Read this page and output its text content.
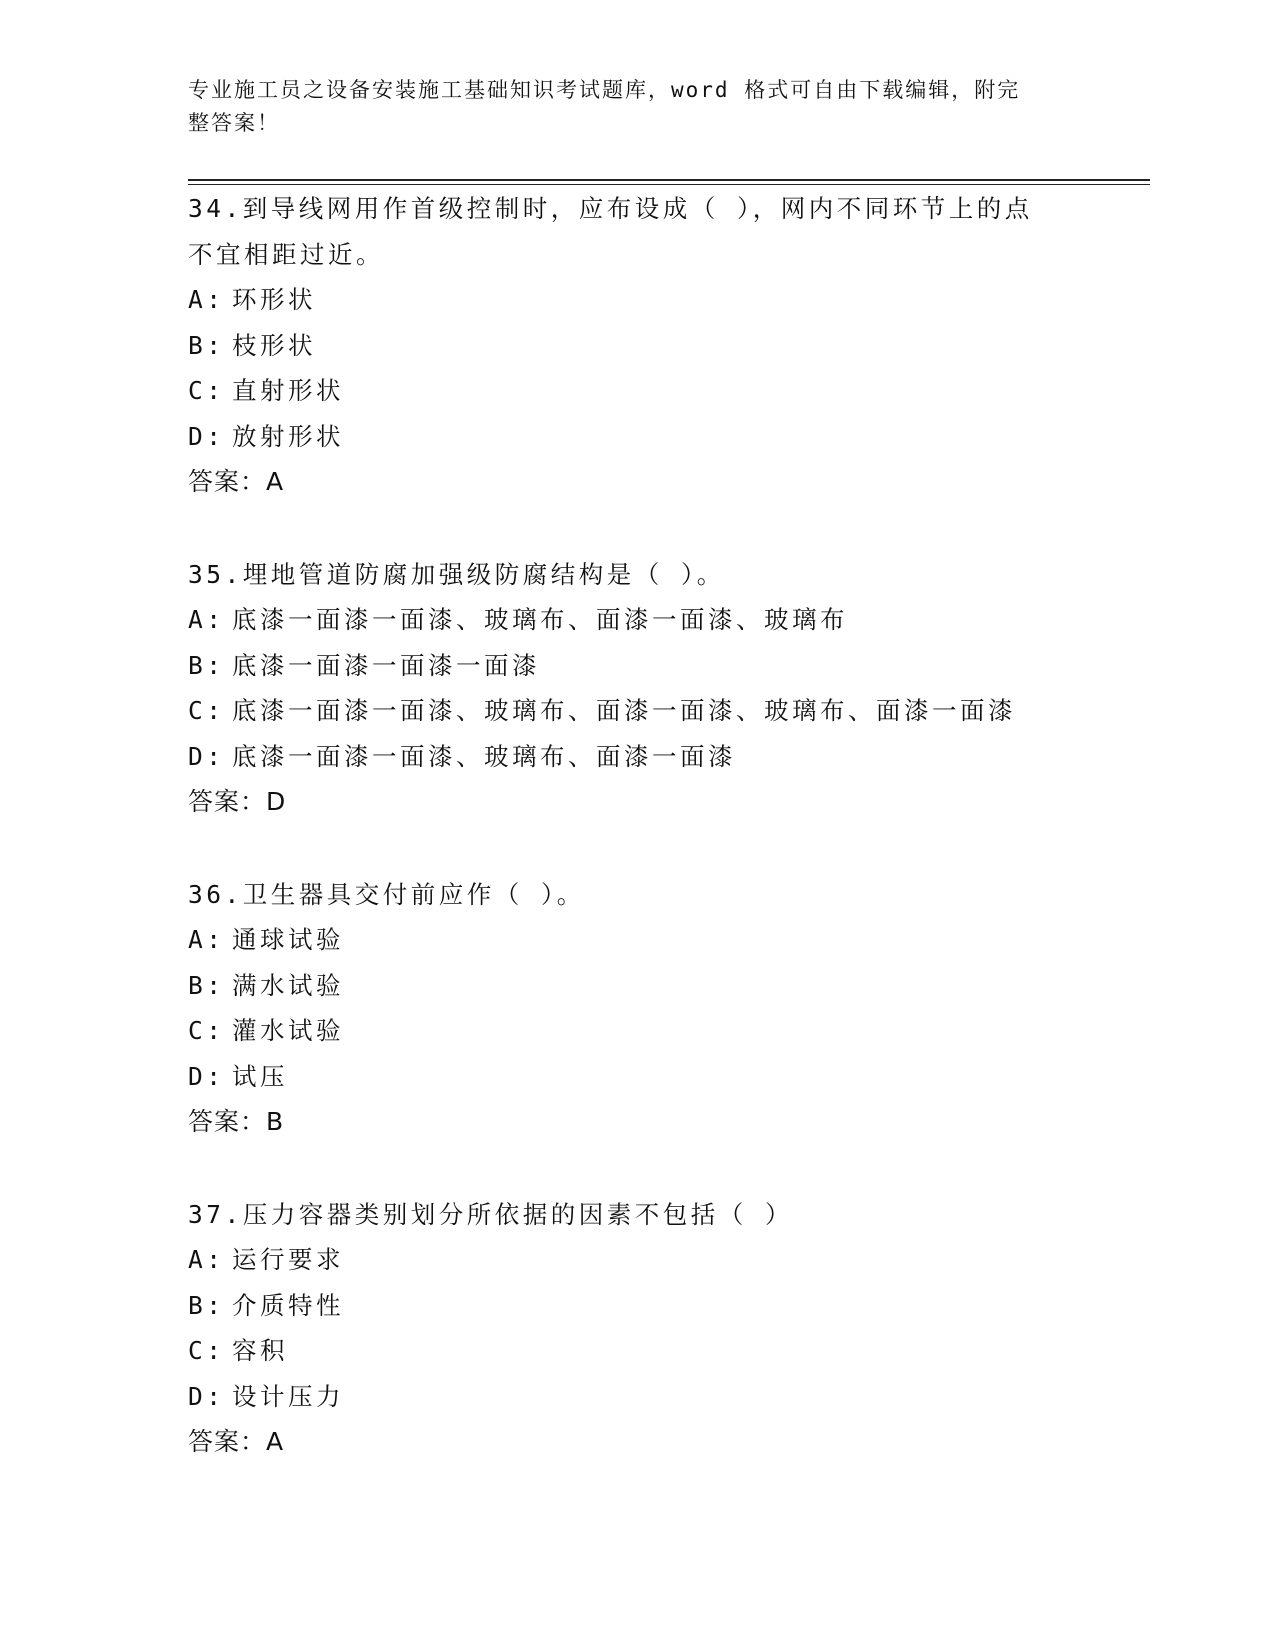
专业施工员之设备安装施工基础知识考试题库，word 格式可自由下载编辑，附完
整答案！

34.到导线网用作首级控制时，应布设成（ ），网内不同环节上的点
不宜相距过近。

A: 环形状
B: 枝形状
C: 直射形状
D: 放射形状
答案：A

35.埋地管道防腐加强级防腐结构是（ ）。

A: 底漆一面漆一面漆、玻璃布、面漆一面漆、玻璃布
B: 底漆一面漆一面漆一面漆
C: 底漆一面漆一面漆、玻璃布、面漆一面漆、玻璃布、面漆一面漆
D: 底漆一面漆一面漆、玻璃布、面漆一面漆
答案：D

36.卫生器具交付前应作（ ）。

A: 通球试验
B: 满水试验
C: 灌水试验
D: 试压
答案：B

37.压力容器类别划分所依据的因素不包括（ ）

A: 运行要求
B: 介质特性
C: 容积
D: 设计压力
答案：A
